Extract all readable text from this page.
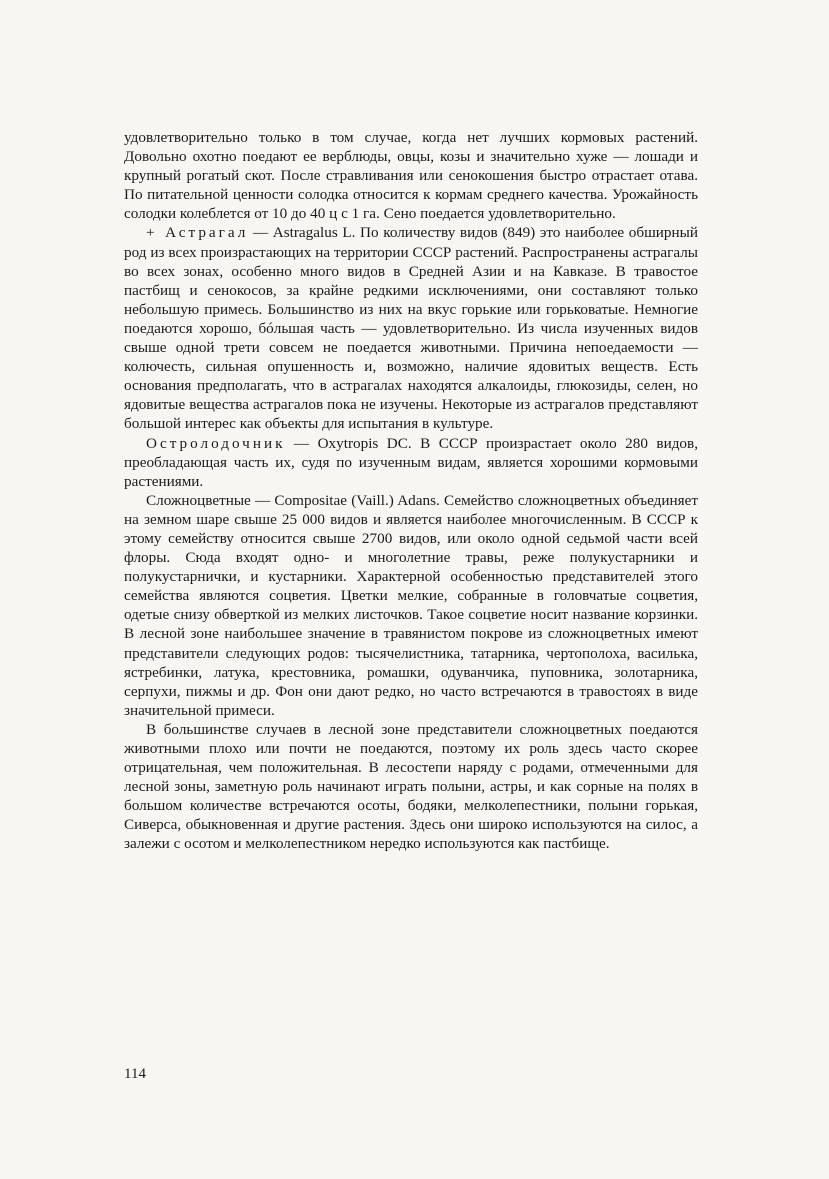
удовлетворительно только в том случае, когда нет лучших кормовых растений. Довольно охотно поедают ее верблюды, овцы, козы и значительно хуже — лошади и крупный рогатый скот. После стравливания или сенокошения быстро отрастает отава. По питательной ценности солодка относится к кормам среднего качества. Урожайность солодки колеблется от 10 до 40 ц с 1 га. Сено поедается удовлетворительно.

+ Астрагал — Astragalus L. По количеству видов (849) это наиболее обширный род из всех произрастающих на территории СССР растений. Распространены астрагалы во всех зонах, особенно много видов в Средней Азии и на Кавказе. В травостое пастбищ и сенокосов, за крайне редкими исключениями, они составляют только небольшую примесь. Большинство из них на вкус горькие или горьковатые. Немногие поедаются хорошо, бóльшая часть — удовлетворительно. Из числа изученных видов свыше одной трети совсем не поедается животными. Причина непоедаемости — колючесть, сильная опушенность и, возможно, наличие ядовитых веществ. Есть основания предполагать, что в астрагалах находятся алкалоиды, глюкозиды, селен, но ядовитые вещества астрагалов пока не изучены. Некоторые из астрагалов представляют большой интерес как объекты для испытания в культуре.

Остролодочник — Oxytropis DC. В СССР произрастает около 280 видов, преобладающая часть их, судя по изученным видам, является хорошими кормовыми растениями.

Сложноцветные — Compositae (Vaill.) Adans. Семейство сложноцветных объединяет на земном шаре свыше 25 000 видов и является наиболее многочисленным. В СССР к этому семейству относится свыше 2700 видов, или около одной седьмой части всей флоры. Сюда входят одно- и многолетние травы, реже полукустарники и полукустарнички, и кустарники. Характерной особенностью представителей этого семейства являются соцветия. Цветки мелкие, собранные в головчатые соцветия, одетые снизу обверткой из мелких листочков. Такое соцветие носит название корзинки. В лесной зоне наибольшее значение в травянистом покрове из сложноцветных имеют представители следующих родов: тысячелистника, татарника, чертополоха, василька, ястребинки, латука, крестовника, ромашки, одуванчика, пуповника, золотарника, серпухи, пижмы и др. Фон они дают редко, но часто встречаются в травостоях в виде значительной примеси.

В большинстве случаев в лесной зоне представители сложноцветных поедаются животными плохо или почти не поедаются, поэтому их роль здесь часто скорее отрицательная, чем положительная. В лесостепи наряду с родами, отмеченными для лесной зоны, заметную роль начинают играть полыни, астры, и как сорные на полях в большом количестве встречаются осоты, бодяки, мелколепестники, полыни горькая, Сиверса, обыкновенная и другие растения. Здесь они широко используются на силос, а залежи с осотом и мелколепестником нередко используются как пастбище.

114
